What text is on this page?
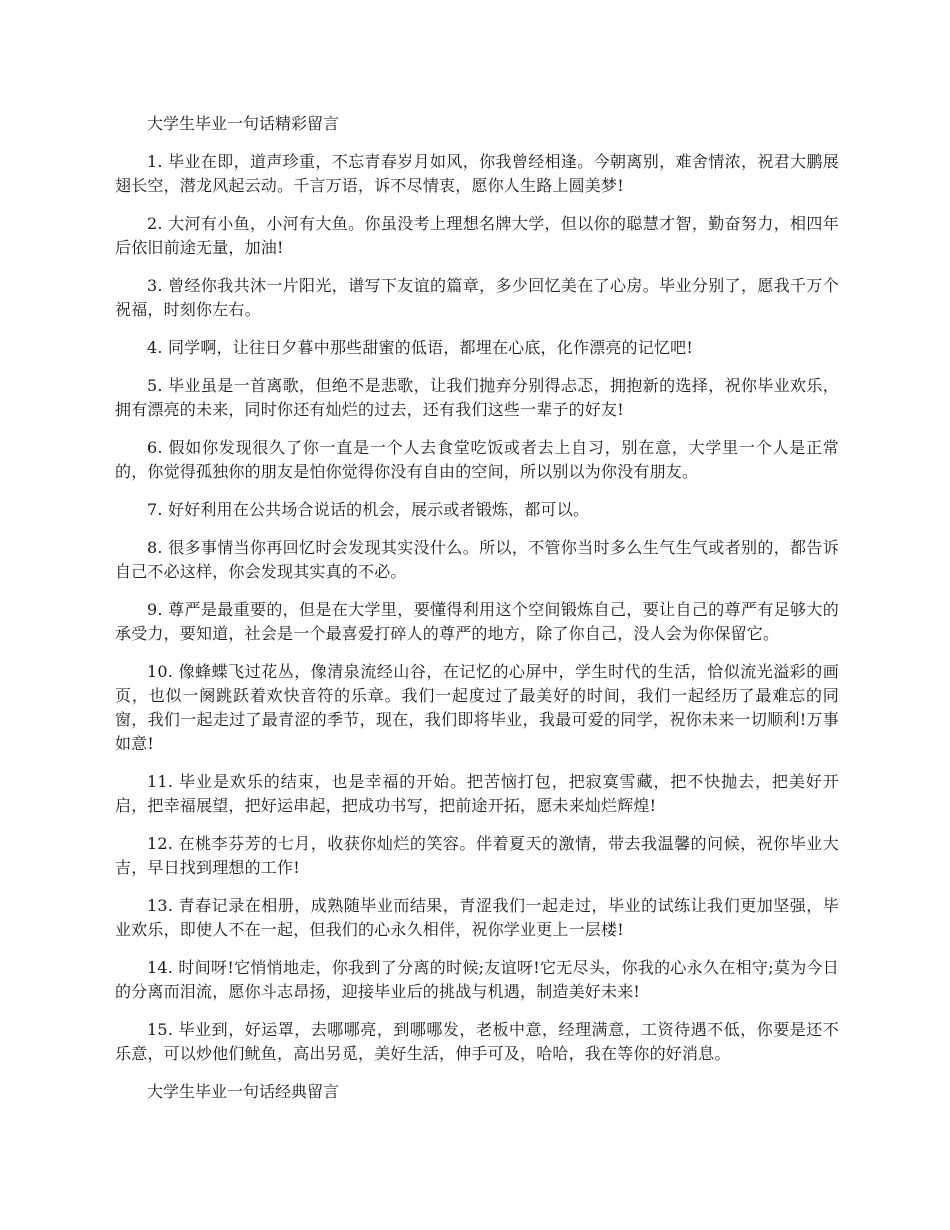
大学生毕业一句话精彩留言

1. 毕业在即，道声珍重，不忘青春岁月如风，你我曾经相逢。今朝离别，难舍情浓，祝君大鹏展翅长空，潜龙风起云动。千言万语，诉不尽情衷，愿你人生路上圆美梦!

2. 大河有小鱼，小河有大鱼。你虽没考上理想名牌大学，但以你的聪慧才智，勤奋努力，相四年后依旧前途无量，加油!

3. 曾经你我共沐一片阳光，谱写下友谊的篇章，多少回忆美在了心房。毕业分别了，愿我千万个祝福，时刻你左右。

4. 同学啊，让往日夕暮中那些甜蜜的低语，都埋在心底，化作漂亮的记忆吧!

5. 毕业虽是一首离歌，但绝不是悲歌，让我们抛弃分别得忐忑，拥抱新的选择，祝你毕业欢乐，拥有漂亮的未来，同时你还有灿烂的过去，还有我们这些一辈子的好友!

6. 假如你发现很久了你一直是一个人去食堂吃饭或者去上自习，别在意，大学里一个人是正常的，你觉得孤独你的朋友是怕你觉得你没有自由的空间，所以别以为你没有朋友。

7. 好好利用在公共场合说话的机会，展示或者锻炼，都可以。

8. 很多事情当你再回忆时会发现其实没什么。所以，不管你当时多么生气生气或者别的，都告诉自己不必这样，你会发现其实真的不必。

9. 尊严是最重要的，但是在大学里，要懂得利用这个空间锻炼自己，要让自己的尊严有足够大的承受力，要知道，社会是一个最喜爱打碎人的尊严的地方，除了你自己，没人会为你保留它。

10. 像蜂蝶飞过花丛，像清泉流经山谷，在记忆的心屏中，学生时代的生活，恰似流光溢彩的画页，也似一阕跳跃着欢快音符的乐章。我们一起度过了最美好的时间，我们一起经历了最难忘的同窗，我们一起走过了最青涩的季节，现在，我们即将毕业，我最可爱的同学，祝你未来一切顺利!万事如意!

11. 毕业是欢乐的结束，也是幸福的开始。把苦恼打包，把寂寞雪藏，把不快抛去，把美好开启，把幸福展望，把好运串起，把成功书写，把前途开拓，愿未来灿烂辉煌!

12. 在桃李芬芳的七月，收获你灿烂的笑容。伴着夏天的激情，带去我温馨的问候，祝你毕业大吉，早日找到理想的工作!

13. 青春记录在相册，成熟随毕业而结果，青涩我们一起走过，毕业的试练让我们更加坚强，毕业欢乐，即使人不在一起，但我们的心永久相伴，祝你学业更上一层楼!

14. 时间呀!它悄悄地走，你我到了分离的时候;友谊呀!它无尽头，你我的心永久在相守;莫为今日的分离而泪流，愿你斗志昂扬，迎接毕业后的挑战与机遇，制造美好未来!

15. 毕业到，好运罩，去哪哪亮，到哪哪发，老板中意，经理满意，工资待遇不低，你要是还不乐意，可以炒他们鱿鱼，高出另觅，美好生活，伸手可及，哈哈，我在等你的好消息。

大学生毕业一句话经典留言
